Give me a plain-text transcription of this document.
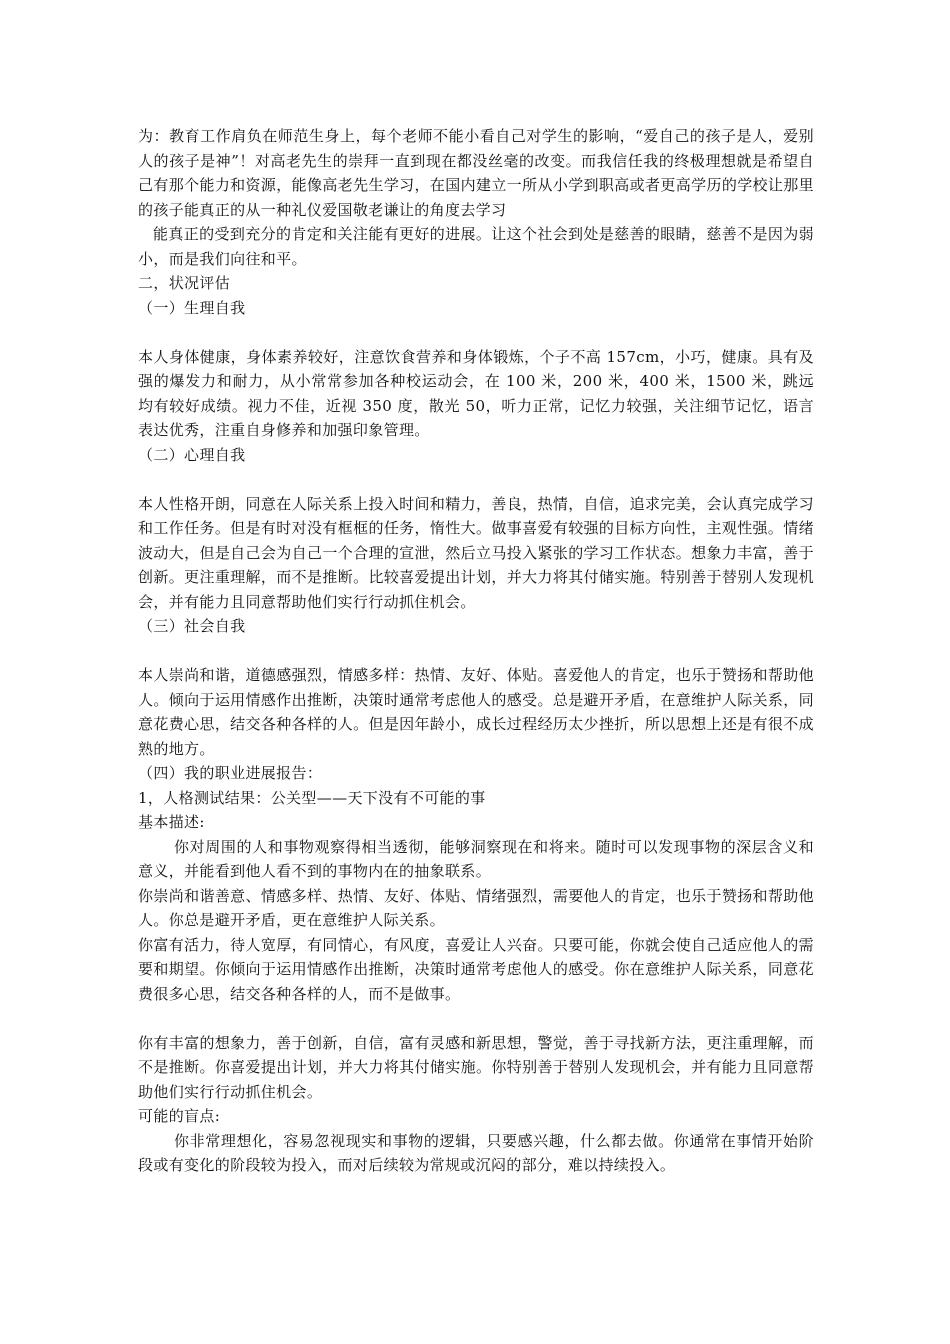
为：教育工作肩负在师范生身上，每个老师不能小看自己对学生的影响，“爱自己的孩子是人，爱别人的孩子是神”！对高老先生的崇拜一直到现在都没丝毫的改变。而我信任我的终极理想就是希望自己有那个能力和资源，能像高老先生学习，在国内建立一所从小学到职高或者更高学历的学校让那里的孩子能真正的从一种礼仪爱国敬老谦让的角度去学习

能真正的受到充分的肯定和关注能有更好的进展。让这个社会到处是慈善的眼睛，慈善不是因为弱小，而是我们向往和平。

二，状况评估

（一）生理自我

本人身体健康，身体素养较好，注意饮食营养和身体锻炼，个子不高 157cm，小巧，健康。具有及强的爆发力和耐力，从小常常参加各种校运动会，在 100 米，200 米，400 米，1500 米，跳远均有较好成绩。视力不佳，近视 350 度，散光 50，听力正常，记忆力较强，关注细节记忆，语言表达优秀，注重自身修养和加强印象管理。

（二）心理自我

本人性格开朗，同意在人际关系上投入时间和精力，善良，热情，自信，追求完美，会认真完成学习和工作任务。但是有时对没有框框的任务，惰性大。做事喜爱有较强的目标方向性，主观性强。情绪波动大，但是自己会为自己一个合理的宣泄，然后立马投入紧张的学习工作状态。想象力丰富，善于创新。更注重理解，而不是推断。比较喜爱提出计划，并大力将其付储实施。特别善于替别人发现机会，并有能力且同意帮助他们实行行动抓住机会。

（三）社会自我

本人崇尚和谐，道德感强烈，情感多样：热情、友好、体贴。喜爱他人的肯定，也乐于赞扬和帮助他人。倾向于运用情感作出推断，决策时通常考虑他人的感受。总是避开矛盾，在意维护人际关系，同意花费心思，结交各种各样的人。但是因年龄小，成长过程经历太少挫折，所以思想上还是有很不成熟的地方。

（四）我的职业进展报告：

1，人格测试结果：公关型——天下没有不可能的事

基本描述:

你对周围的人和事物观察得相当透彻，能够洞察现在和将来。随时可以发现事物的深层含义和意义，并能看到他人看不到的事物内在的抽象联系。

你崇尚和谐善意、情感多样、热情、友好、体贴、情绪强烈，需要他人的肯定，也乐于赞扬和帮助他人。你总是避开矛盾，更在意维护人际关系。

你富有活力，待人宽厚，有同情心，有风度，喜爱让人兴奋。只要可能，你就会使自己适应他人的需要和期望。你倾向于运用情感作出推断，决策时通常考虑他人的感受。你在意维护人际关系，同意花费很多心思，结交各种各样的人，而不是做事。

你有丰富的想象力，善于创新，自信，富有灵感和新思想，警觉，善于寻找新方法，更注重理解，而不是推断。你喜爱提出计划，并大力将其付储实施。你特别善于替别人发现机会，并有能力且同意帮助他们实行行动抓住机会。

可能的盲点:

你非常理想化，容易忽视现实和事物的逻辑，只要感兴趣，什么都去做。你通常在事情开始阶段或有变化的阶段较为投入，而对后续较为常规或沉闷的部分，难以持续投入。
